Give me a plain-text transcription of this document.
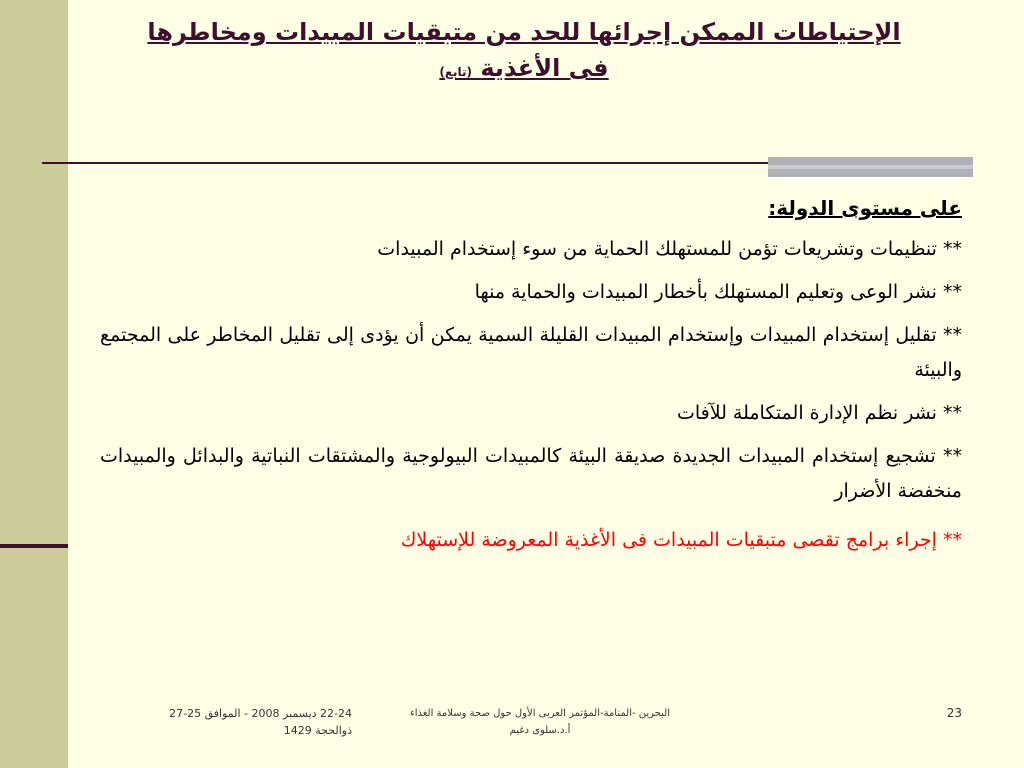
الإحتياطات الممكن إجرائها للحد من متبقيات المبيدات ومخاطرها
فى الأغذية (تابع)
على مستوى الدولة:
** تنظيمات وتشريعات تؤمن للمستهلك الحماية من سوء إستخدام المبيدات
** نشر الوعى وتعليم المستهلك بأخطار المبيدات والحماية منها
** تقليل إستخدام المبيدات وإستخدام المبيدات القليلة السمية يمكن أن يؤدى إلى تقليل المخاطر على المجتمع والبيئة
** نشر نظم الإدارة المتكاملة للآفات
** تشجيع إستخدام المبيدات الجديدة صديقة البيئة كالمبيدات البيولوجية والمشتقات النباتية والبدائل والمبيدات منخفضة الأضرار
** إجراء برامج تقصى متبقيات المبيدات فى الأغذية المعروضة للإستهلاك
22-24 ديسمبر 2008 - الموافق 25-27
ذوالحجة 1429
البحرين -المنامة-المؤتمر العربى الأول حول صحة وسلامة الغذاء
أ.د.سلوى دغيم
23
